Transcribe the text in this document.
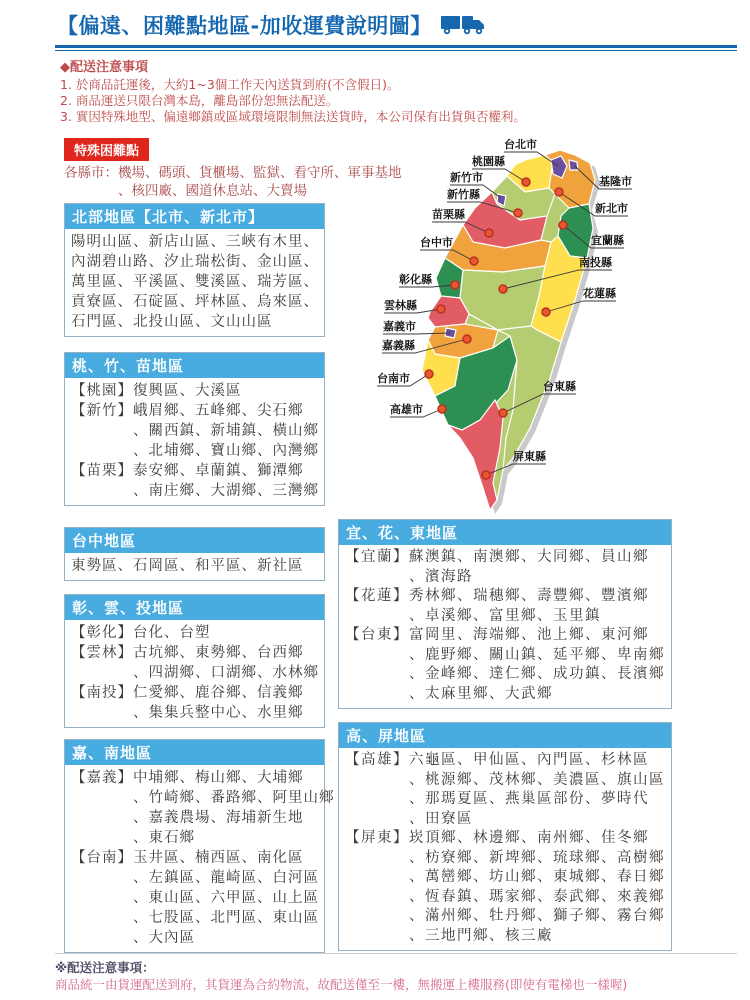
【偏遠、困難點地區-加收運費說明圖】
◆配送注意事項
1. 於商品託運後，大約1~3個工作天內送貨到府(不含假日)。
2. 商品運送只限台灣本島，離島部份恕無法配送。
3. 實因特殊地型、偏遠鄉鎮或區域環境限制無法送貨時，本公司保有出貨與否權利。
特殊困難點
各縣市：機場、碼頭、貨櫃場、監獄、看守所、軍事基地
　　　　、核四廠、國道休息站、大賣場
北部地區【北市、新北市】
陽明山區、新店山區、三峽有木里、
內湖碧山路、汐止瑞松街、金山區、
萬里區、平溪區、雙溪區、瑞芳區、
貢寮區、石碇區、坪林區、烏來區、
石門區、北投山區、文山山區
桃、竹、苗地區
【桃園】復興區、大溪區
【新竹】峨眉鄉、五峰鄉、尖石鄉
　　　　、關西鎮、新埔鎮、橫山鄉
　　　　、北埔鄉、寶山鄉、內灣鄉
【苗栗】泰安鄉、卓蘭鎮、獅潭鄉
　　　　、南庄鄉、大湖鄉、三灣鄉
台中地區
東勢區、石岡區、和平區、新社區
彰、雲、投地區
【彰化】台化、台塑
【雲林】古坑鄉、東勢鄉、台西鄉
　　　　、四湖鄉、口湖鄉、水林鄉
【南投】仁愛鄉、鹿谷鄉、信義鄉
　　　　、集集兵整中心、水里鄉
嘉、南地區
【嘉義】中埔鄉、梅山鄉、大埔鄉
　　　　、竹崎鄉、番路鄉、阿里山鄉
　　　　、嘉義農場、海埔新生地
　　　　、東石鄉
【台南】玉井區、楠西區、南化區
　　　　、左鎮區、龍崎區、白河區
　　　　、東山區、六甲區、山上區
　　　　、七股區、北門區、東山區
　　　　、大內區
宜、花、東地區
【宜蘭】蘇澳鎮、南澳鄉、大同鄉、員山鄉
　　　　、濱海路
【花蓮】秀林鄉、瑞穗鄉、壽豐鄉、豐濱鄉
　　　　、卓溪鄉、富里鄉、玉里鎮
【台東】富岡里、海端鄉、池上鄉、東河鄉
　　　　、鹿野鄉、關山鎮、延平鄉、卑南鄉
　　　　、金峰鄉、達仁鄉、成功鎮、長濱鄉
　　　　、太麻里鄉、大武鄉
高、屏地區
【高雄】六龜區、甲仙區、內門區、杉林區
　　　　、桃源鄉、茂林鄉、美濃區、旗山區
　　　　、那瑪夏區、燕巢區部份、夢時代
　　　　、田寮區
【屏東】崁頂鄉、林邊鄉、南州鄉、佳冬鄉
　　　　、枋寮鄉、新埤鄉、琉球鄉、高樹鄉
　　　　、萬巒鄉、坊山鄉、東城鄉、春日鄉
　　　　、恆春鎮、瑪家鄉、泰武鄉、來義鄉
　　　　、滿州鄉、牡丹鄉、獅子鄉、霧台鄉
　　　　、三地門鄉、核三廠
台北市
桃園縣
新竹市
新竹縣
苗栗縣
台中市
彰化縣
雲林縣
嘉義市
嘉義縣
台南市
高雄市
基隆市
新北市
宜蘭縣
南投縣
花蓮縣
台東縣
屏東縣
※配送注意事項：
商品統一由貨運配送到府，其貨運為合約物流，故配送僅至一樓，無搬運上樓服務(即使有電梯也一樣喔)
